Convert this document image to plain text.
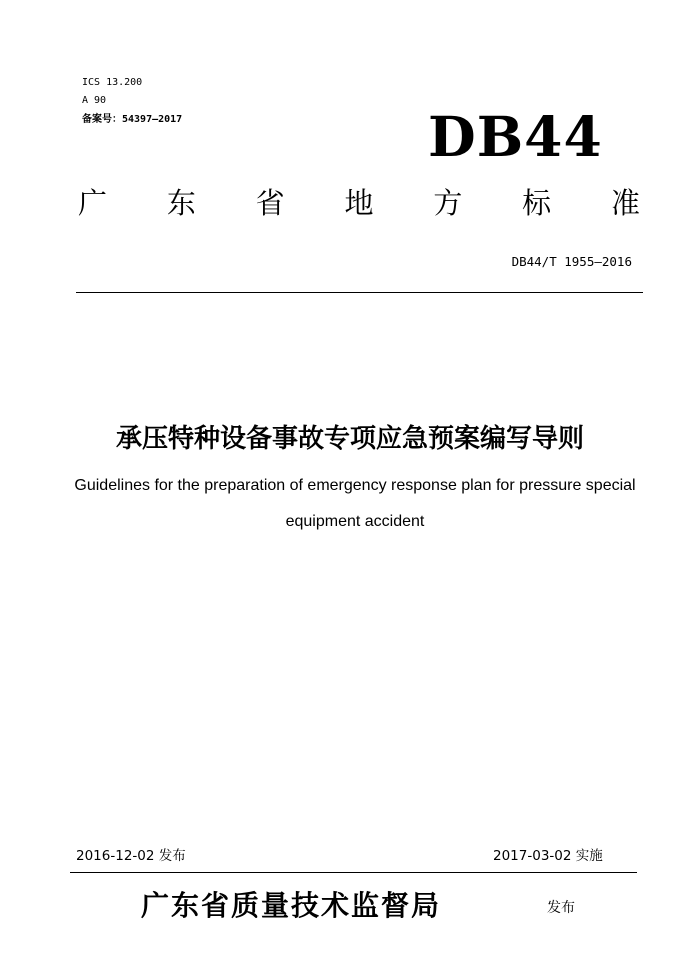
ICS 13.200
A 90
备案号：54397—2017	DB44
广 东 省 地 方 标 准
DB44/T 1955—2016
承压特种设备事故专项应急预案编写导则
Guidelines for the preparation of emergency response plan for pressure special equipment accident
2016-12-02 发布	2017-03-02 实施
广东省质量技术监督局	发布
